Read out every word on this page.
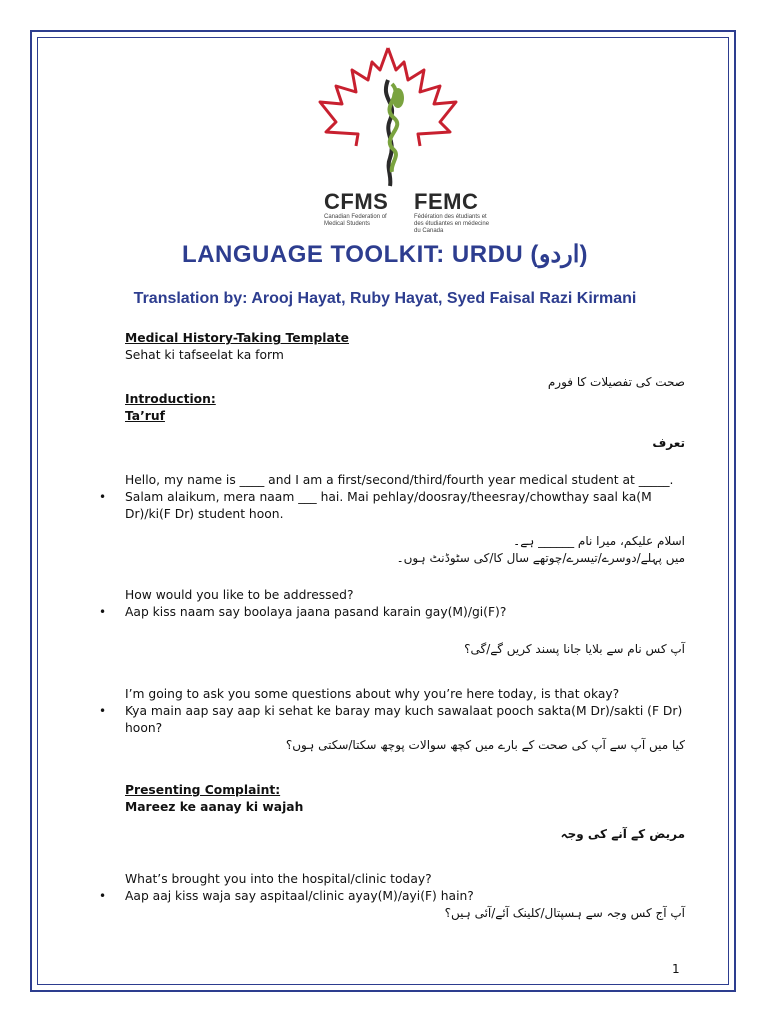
CFMS
Canadian Federation of Medical Students
FEMC
Fédération des étudiants et des étudiantes en médecine du Canada
LANGUAGE TOOLKIT: URDU (اردو)
Translation by: Arooj Hayat, Ruby Hayat, Syed Faisal Razi Kirmani
Medical History-Taking Template
Sehat ki tafseelat ka form
صحت کی تفصیلات کا فورم
Introduction:
Ta’ruf
تعرف
Hello, my name is ____ and I am a first/second/third/fourth year medical student at _____.
• Salam alaikum, mera naam ___ hai. Mai pehlay/doosray/theesray/chowthay saal ka(M Dr)/ki(F Dr) student hoon.
اسلام علیکم، میرا نام ______ ہے۔
میں پہلے/دوسرے/تیسرے/چوتھے سال کا/کی سٹوڈنٹ ہوں۔
How would you like to be addressed?
• Aap kiss naam say boolaya jaana pasand karain gay(M)/gi(F)?
آپ کس نام سے بلایا جانا پسند کریں گے/گی؟
I’m going to ask you some questions about why you’re here today, is that okay?
• Kya main aap say aap ki sehat ke baray may kuch sawalaat pooch sakta(M Dr)/sakti (F Dr) hoon?
کیا میں آپ سے آپ کی صحت کے بارے میں کچھ سوالات پوچھ سکتا/سکتی ہوں؟
Presenting Complaint:
Mareez ke aanay ki wajah
مریض کے آنے کی وجہ
What’s brought you into the hospital/clinic today?
• Aap aaj kiss waja say aspitaal/clinic ayay(M)/ayi(F) hain?
آپ آج کس وجہ سے ہسپتال/کلینک آئے/آئی ہیں؟
1
